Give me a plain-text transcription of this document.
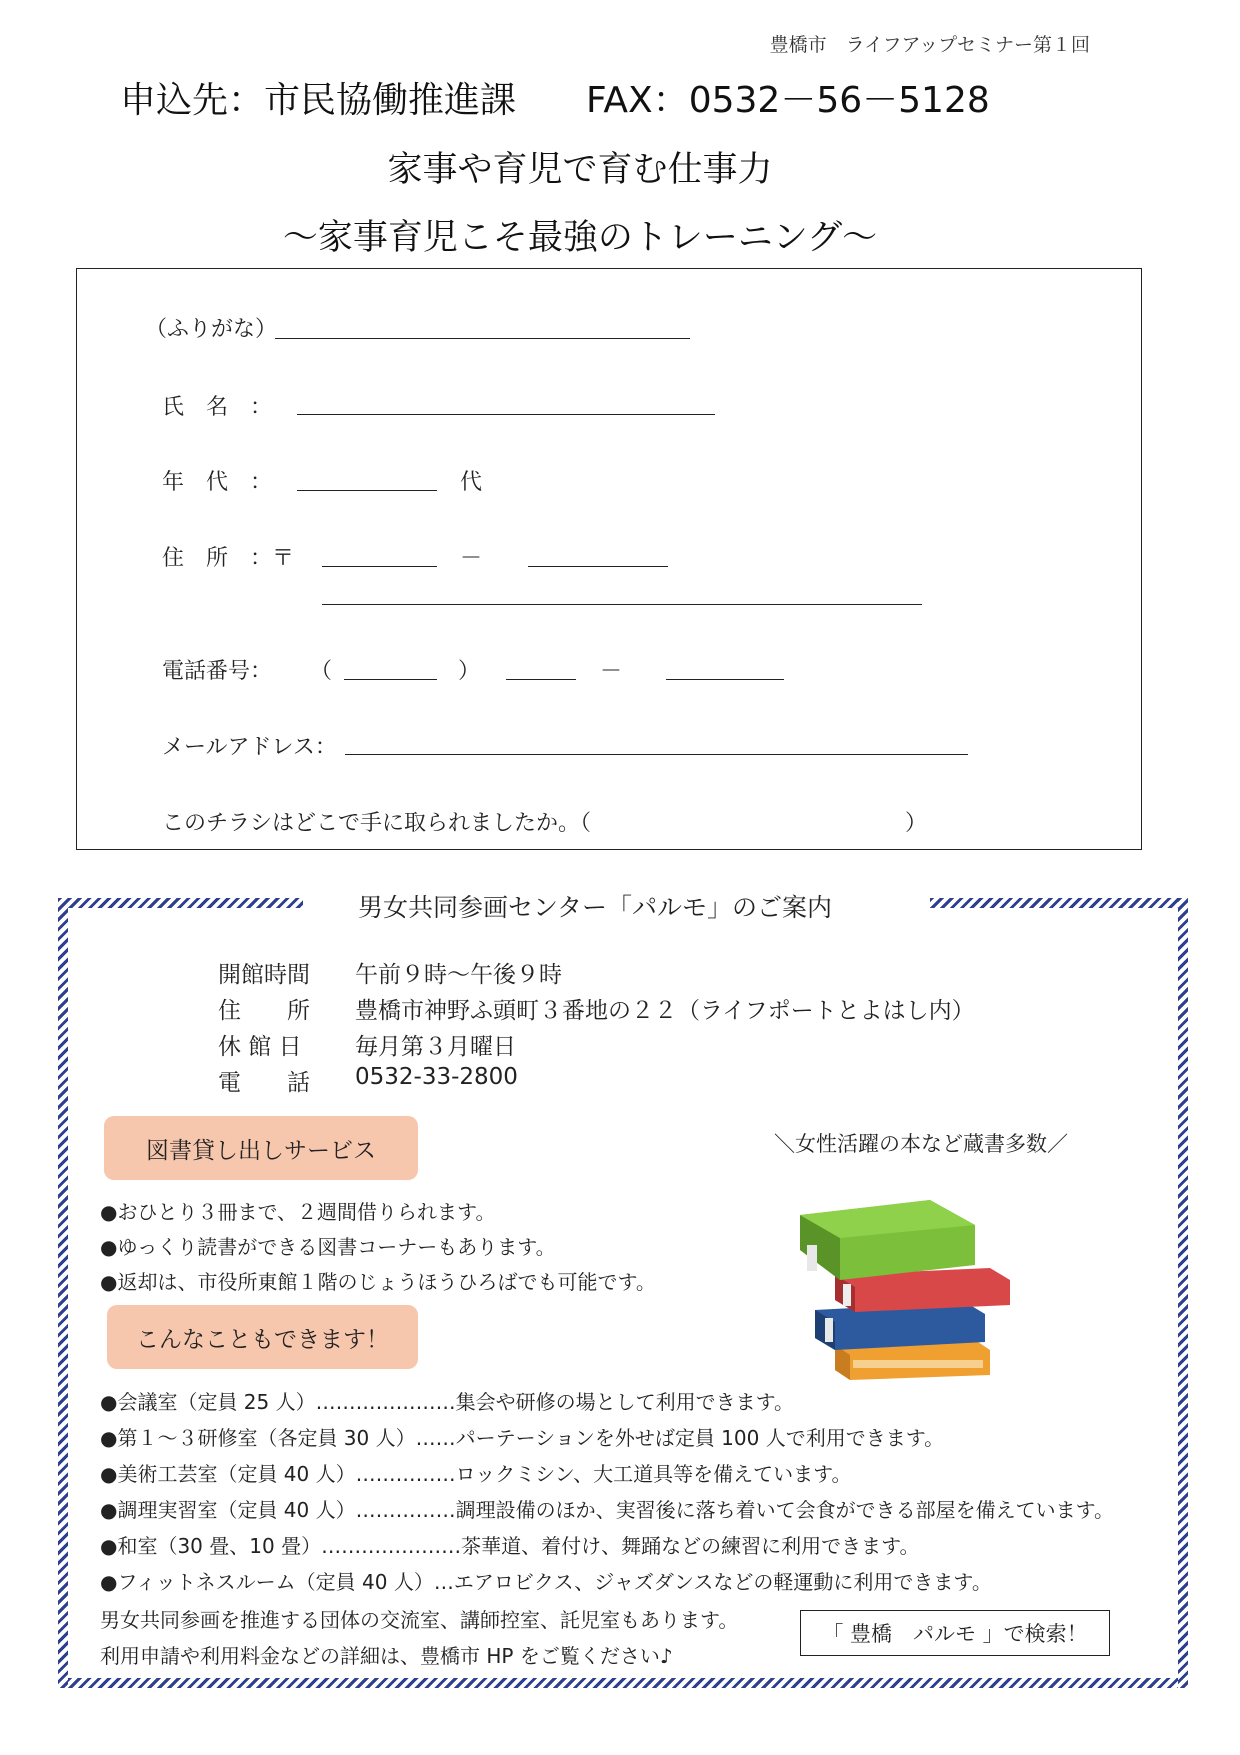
豊橋市　ライフアップセミナー第１回
申込先：市民協働推進課 FAX：0532－56－5128
家事や育児で育む仕事力
～家事育児こそ最強のトレーニング～
（ふりがな）
氏　名　：
年　代　：	代
住　所　：〒	－
電話番号： （	）	－
メールアドレス：
このチラシはどこで手に取られましたか。（	）
男女共同参画センター「パルモ」のご案内
開館時間 午前９時～午後９時
住　　所 豊橋市神野ふ頭町３番地の２２（ライフポートとよはし内）
休 館 日 毎月第３月曜日
電　　話 0532-33-2800
図書貸し出しサービス	＼女性活躍の本など蔵書多数／
●おひとり３冊まで、２週間借りられます。
●ゆっくり読書ができる図書コーナーもあります。
●返却は、市役所東館１階のじょうほうひろばでも可能です。
こんなこともできます！
●会議室（定員 25 人）…………………集会や研修の場として利用できます。
●第１～３研修室（各定員 30 人）……パーテーションを外せば定員 100 人で利用できます。
●美術工芸室（定員 40 人）……………ロックミシン、大工道具等を備えています。
●調理実習室（定員 40 人）……………調理設備のほか、実習後に落ち着いて会食ができる部屋を備えています。
●和室（30 畳、10 畳）…………………茶華道、着付け、舞踊などの練習に利用できます。
●フィットネスルーム（定員 40 人）…エアロビクス、ジャズダンスなどの軽運動に利用できます。
男女共同参画を推進する団体の交流室、講師控室、託児室もあります。
利用申請や利用料金などの詳細は、豊橋市 HP をご覧ください♪
「 豊橋　パルモ 」で検索！
